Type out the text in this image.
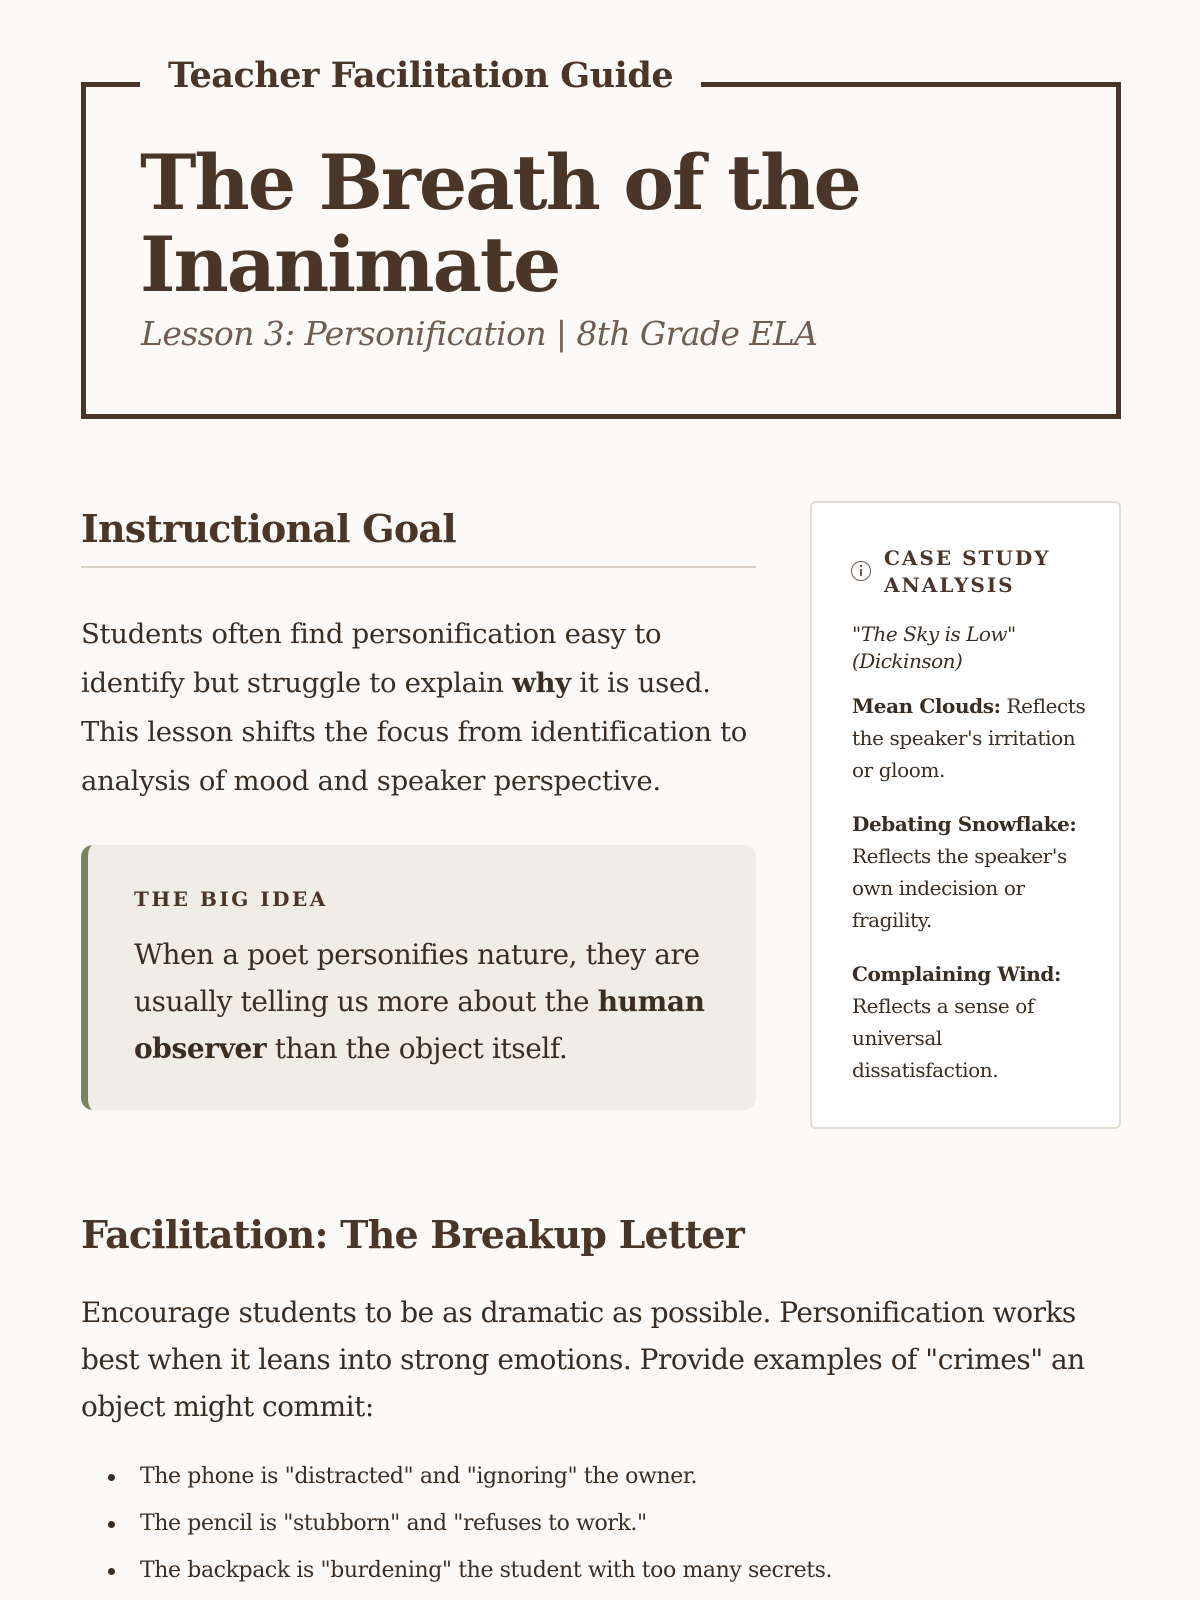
Teacher Facilitation Guide
The Breath of the Inanimate
Lesson 3: Personification | 8th Grade ELA
Instructional Goal

Students often find personification easy to identify but struggle to explain why it is used. This lesson shifts the focus from identification to analysis of mood and speaker perspective.

THE BIG IDEA

When a poet personifies nature, they are usually telling us more about the human observer than the object itself.

CASE STUDY ANALYSIS
"The Sky is Low" (Dickinson)

Mean Clouds: Reflects the speaker's irritation or gloom.

Debating Snowflake: Reflects the speaker's own indecision or fragility.

Complaining Wind: Reflects a sense of universal dissatisfaction.

Facilitation: The Breakup Letter

Encourage students to be as dramatic as possible. Personification works best when it leans into strong emotions. Provide examples of "crimes" an object might commit:

The phone is "distracted" and "ignoring" the owner.
The pencil is "stubborn" and "refuses to work."
The backpack is "burdening" the student with too many secrets.
